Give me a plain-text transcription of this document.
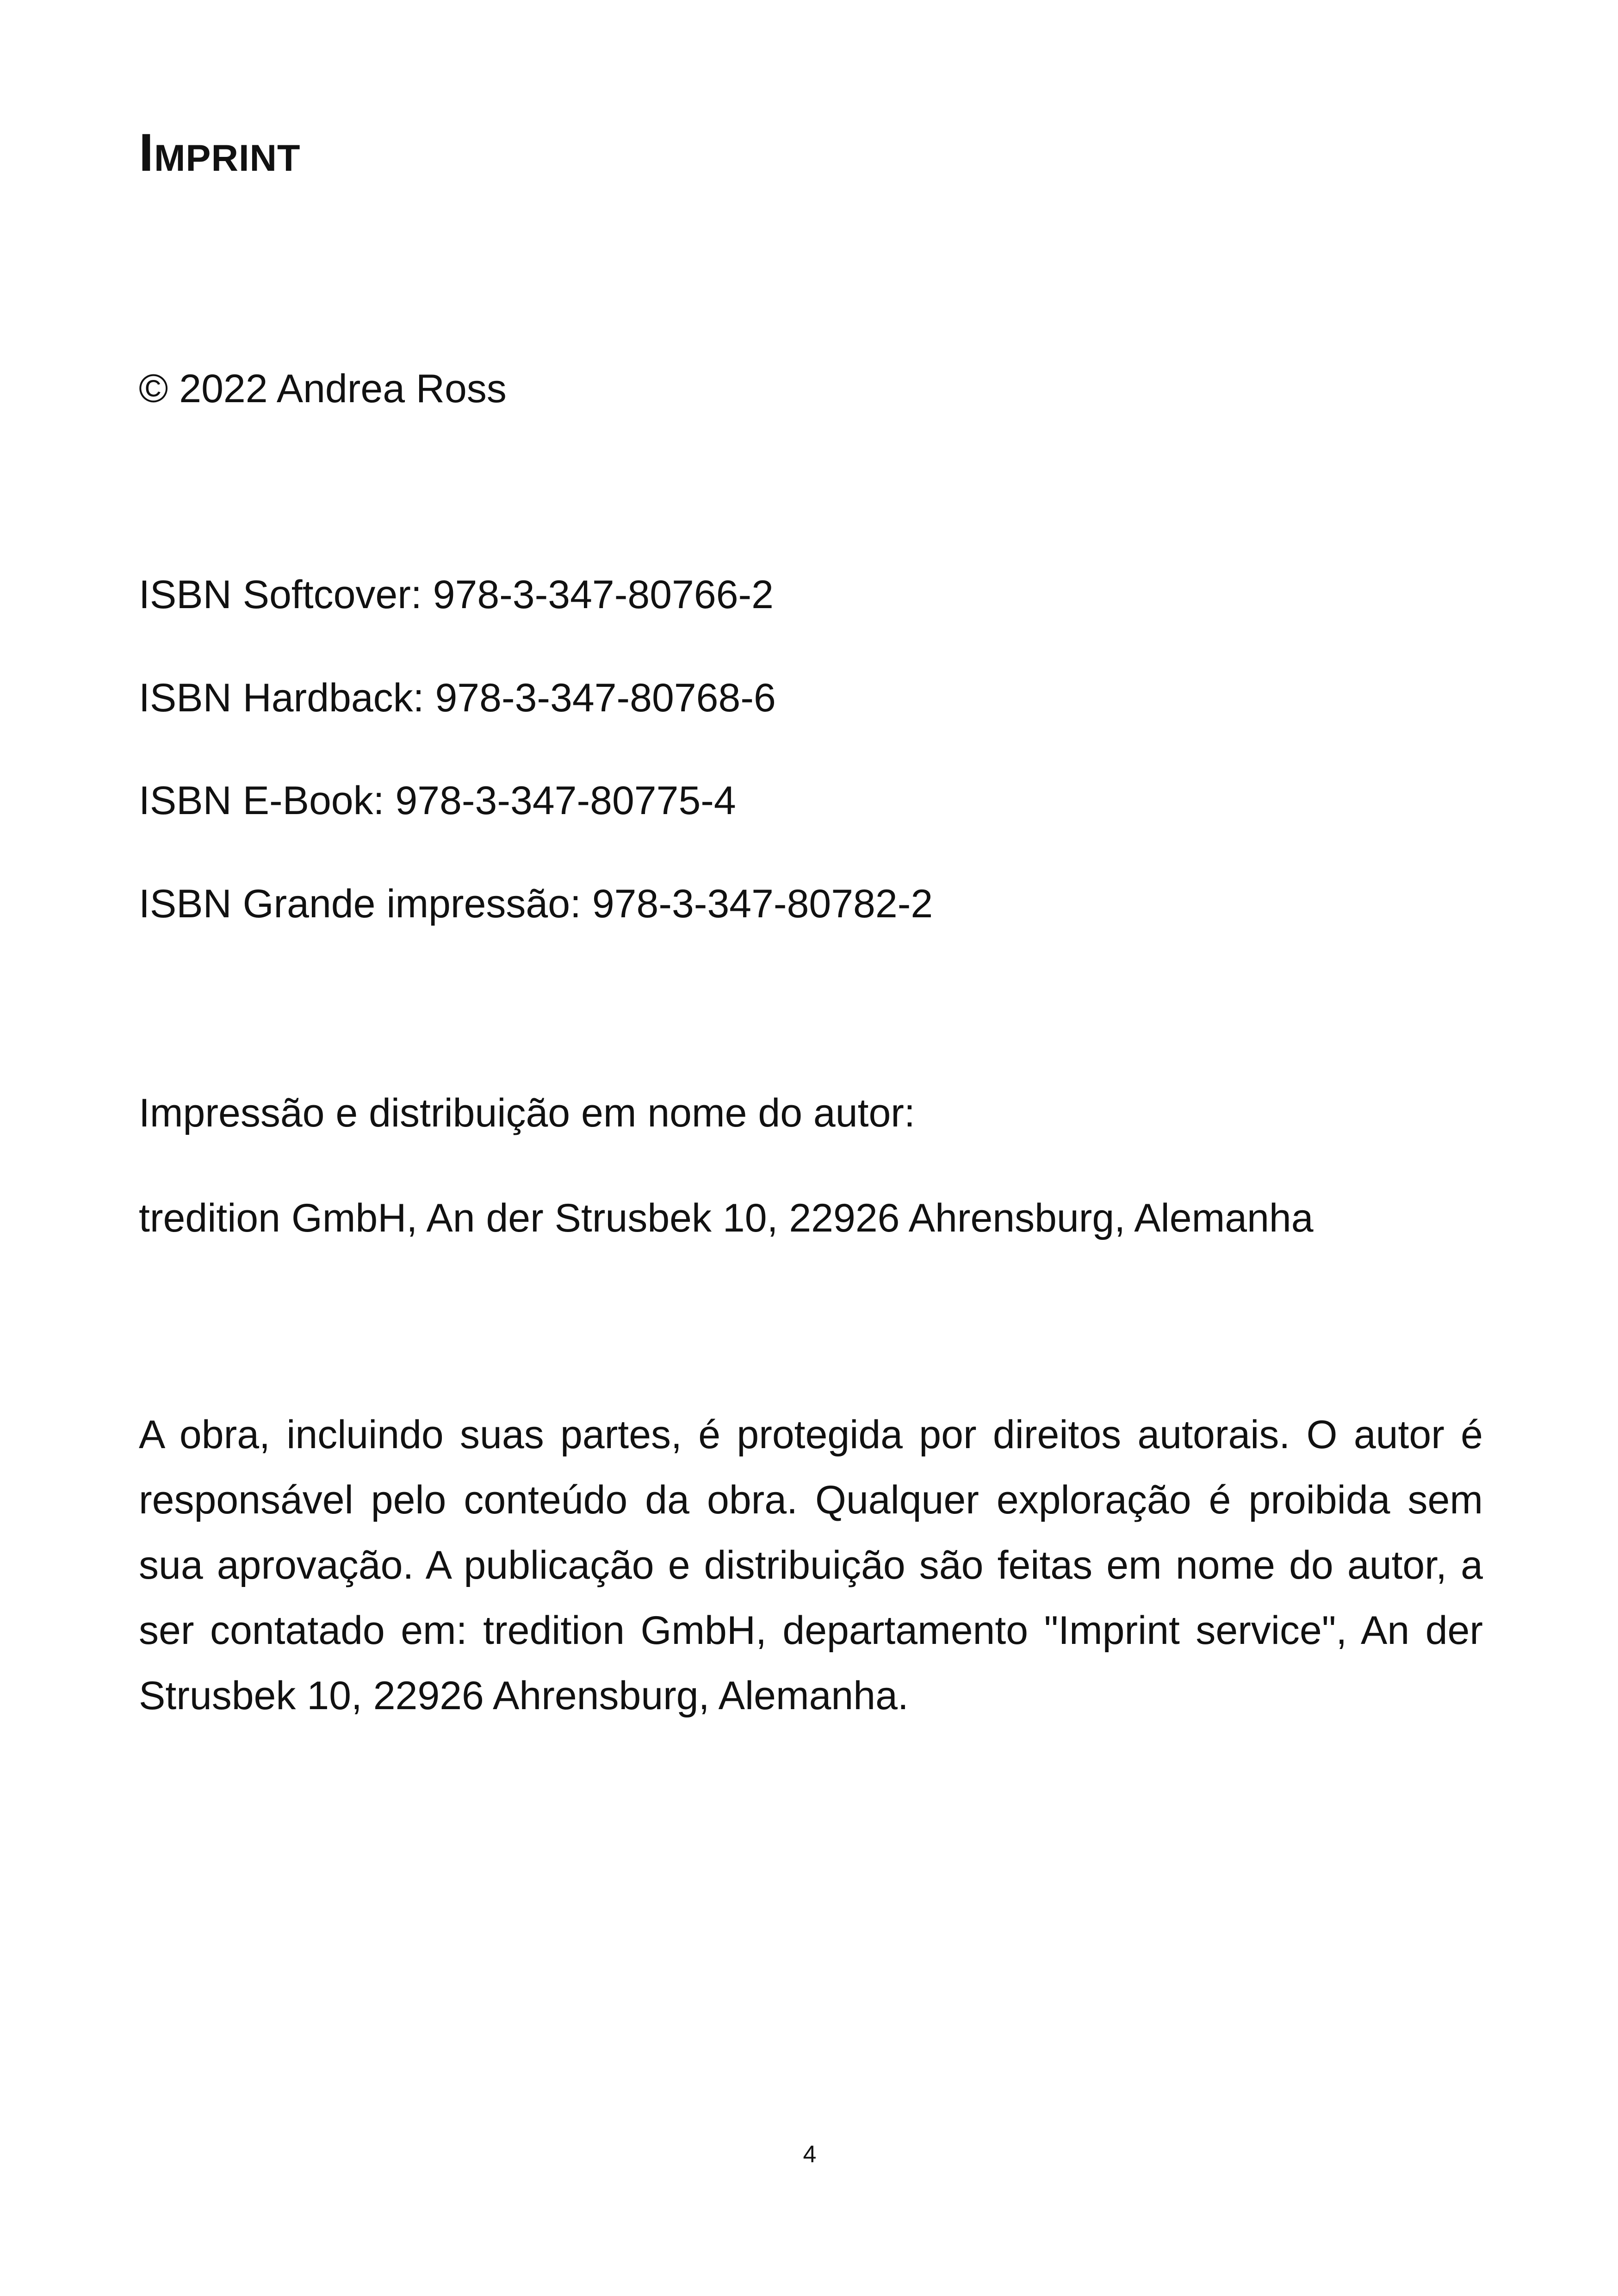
Imprint

© 2022 Andrea Ross

ISBN Softcover: 978-3-347-80766-2

ISBN Hardback: 978-3-347-80768-6

ISBN E-Book: 978-3-347-80775-4

ISBN Grande impressão: 978-3-347-80782-2

Impressão e distribuição em nome do autor:

tredition GmbH, An der Strusbek 10, 22926 Ahrensburg, Alemanha

A obra, incluindo suas partes, é protegida por direitos autorais. O autor é responsável pelo conteúdo da obra. Qualquer exploração é proibida sem sua aprovação. A publicação e distribuição são feitas em nome do autor, a ser contatado em: tredition GmbH, departamento "Imprint service", An der Strusbek 10, 22926 Ahrensburg, Alemanha.

4
